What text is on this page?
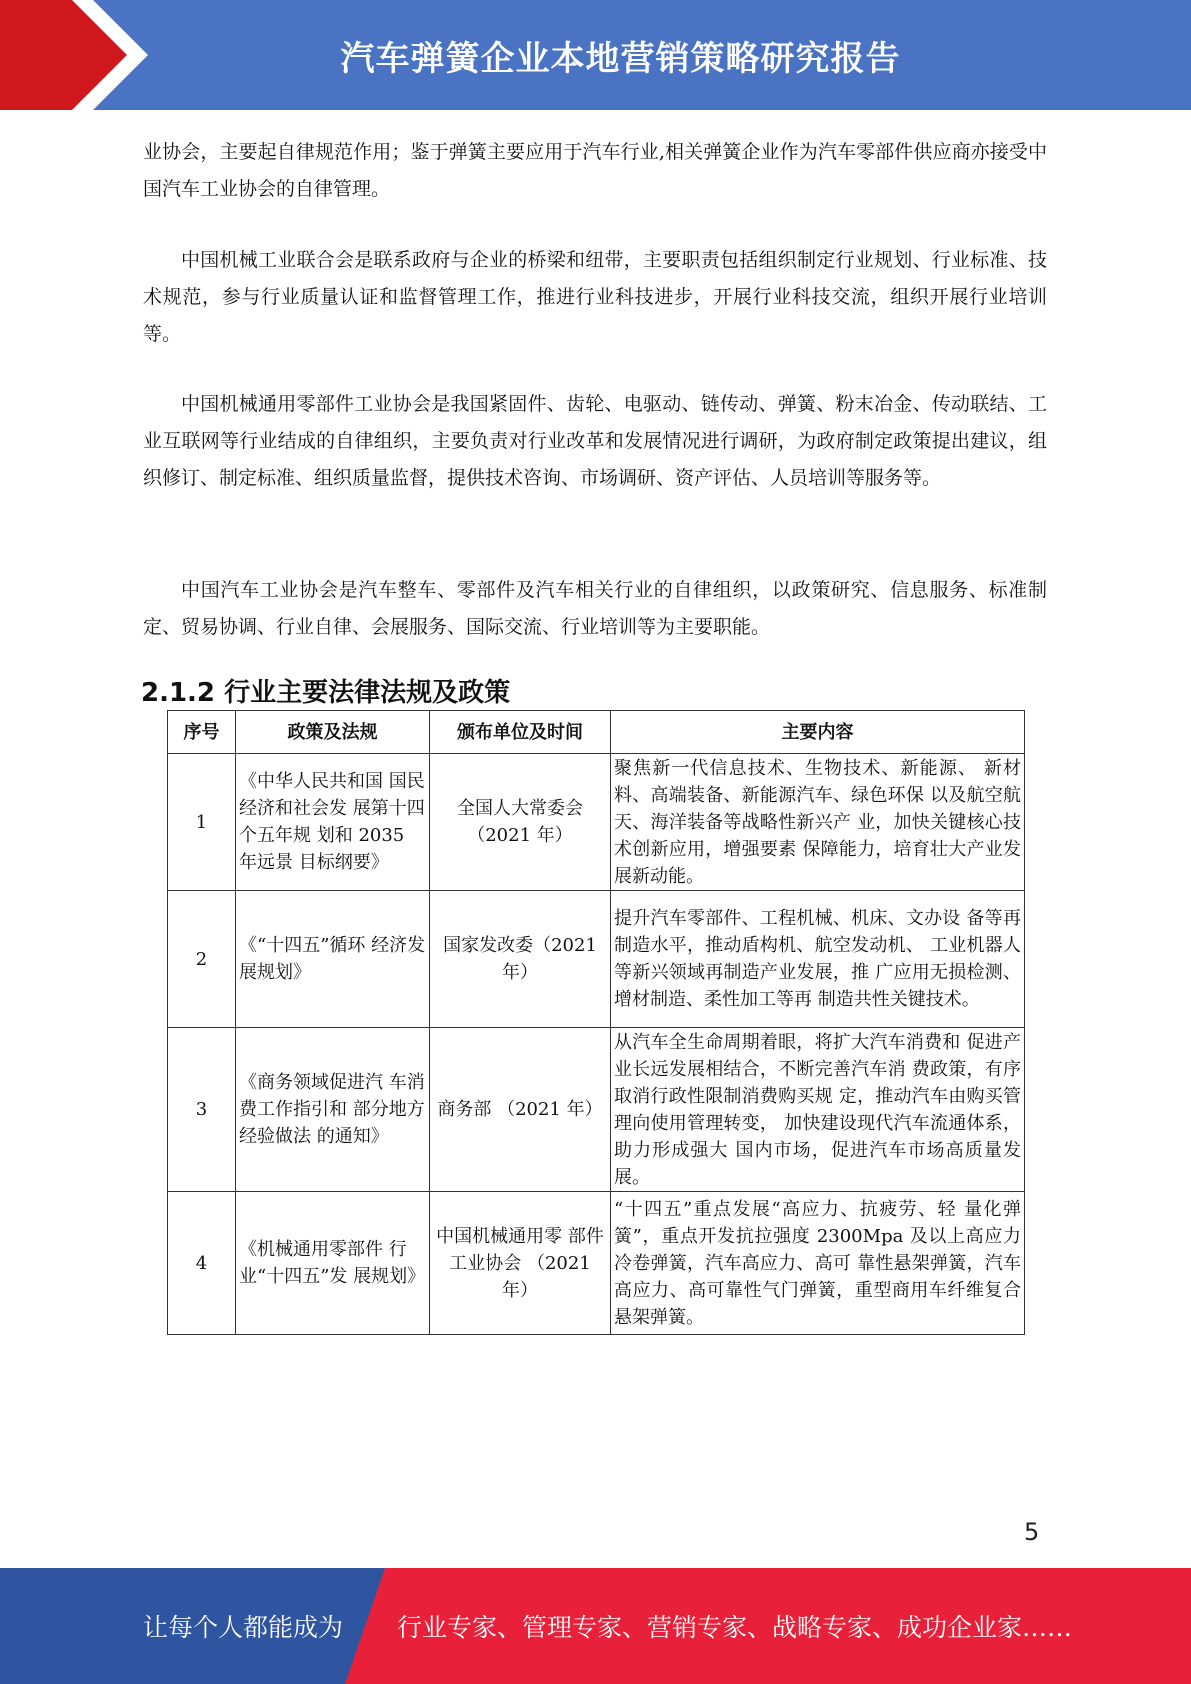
汽车弹簧企业本地营销策略研究报告

业协会，主要起自律规范作用；鉴于弹簧主要应用于汽车行业,相关弹簧企业作为汽车零部件供应商亦接受中国汽车工业协会的自律管理。

中国机械工业联合会是联系政府与企业的桥梁和纽带，主要职责包括组织制定行业规划、行业标准、技术规范，参与行业质量认证和监督管理工作，推进行业科技进步，开展行业科技交流，组织开展行业培训等。

中国机械通用零部件工业协会是我国紧固件、齿轮、电驱动、链传动、弹簧、粉末冶金、传动联结、工业互联网等行业结成的自律组织，主要负责对行业改革和发展情况进行调研，为政府制定政策提出建议，组织修订、制定标准、组织质量监督，提供技术咨询、市场调研、资产评估、人员培训等服务等。

中国汽车工业协会是汽车整车、零部件及汽车相关行业的自律组织，以政策研究、信息服务、标准制定、贸易协调、行业自律、会展服务、国际交流、行业培训等为主要职能。

2.1.2 行业主要法律法规及政策
序号	政策及法规	颁布单位及时间	主要内容
1	《中华人民共和国 国民经济和社会发 展第十四个五年规 划和 2035 年远景 目标纲要》	全国人大常委会（2021 年）	聚焦新一代信息技术、生物技术、新能源、 新材料、高端装备、新能源汽车、绿色环保 以及航空航天、海洋装备等战略性新兴产 业，加快关键核心技术创新应用，增强要素 保障能力，培育壮大产业发展新动能。
2	《“十四五”循环 经济发展规划》	国家发改委（2021 年）	提升汽车零部件、工程机械、机床、文办设 备等再制造水平，推动盾构机、航空发动机、 工业机器人等新兴领域再制造产业发展，推 广应用无损检测、增材制造、柔性加工等再 制造共性关键技术。
3	《商务领域促进汽 车消费工作指引和 部分地方经验做法 的通知》	商务部 （2021 年）	从汽车全生命周期着眼，将扩大汽车消费和 促进产业长远发展相结合，不断完善汽车消 费政策，有序取消行政性限制消费购买规 定，推动汽车由购买管理向使用管理转变， 加快建设现代汽车流通体系，助力形成强大 国内市场，促进汽车市场高质量发展。
4	《机械通用零部件 行业“十四五”发 展规划》	中国机械通用零 部件工业协会 （2021 年）	“十四五”重点发展“高应力、抗疲劳、轻 量化弹簧”，重点开发抗拉强度 2300Mpa 及以上高应力冷卷弹簧，汽车高应力、高可 靠性悬架弹簧，汽车高应力、高可靠性气门弹簧，重型商用车纤维复合悬架弹簧。
5
让每个人都能成为 行业专家、管理专家、营销专家、战略专家、成功企业家……
